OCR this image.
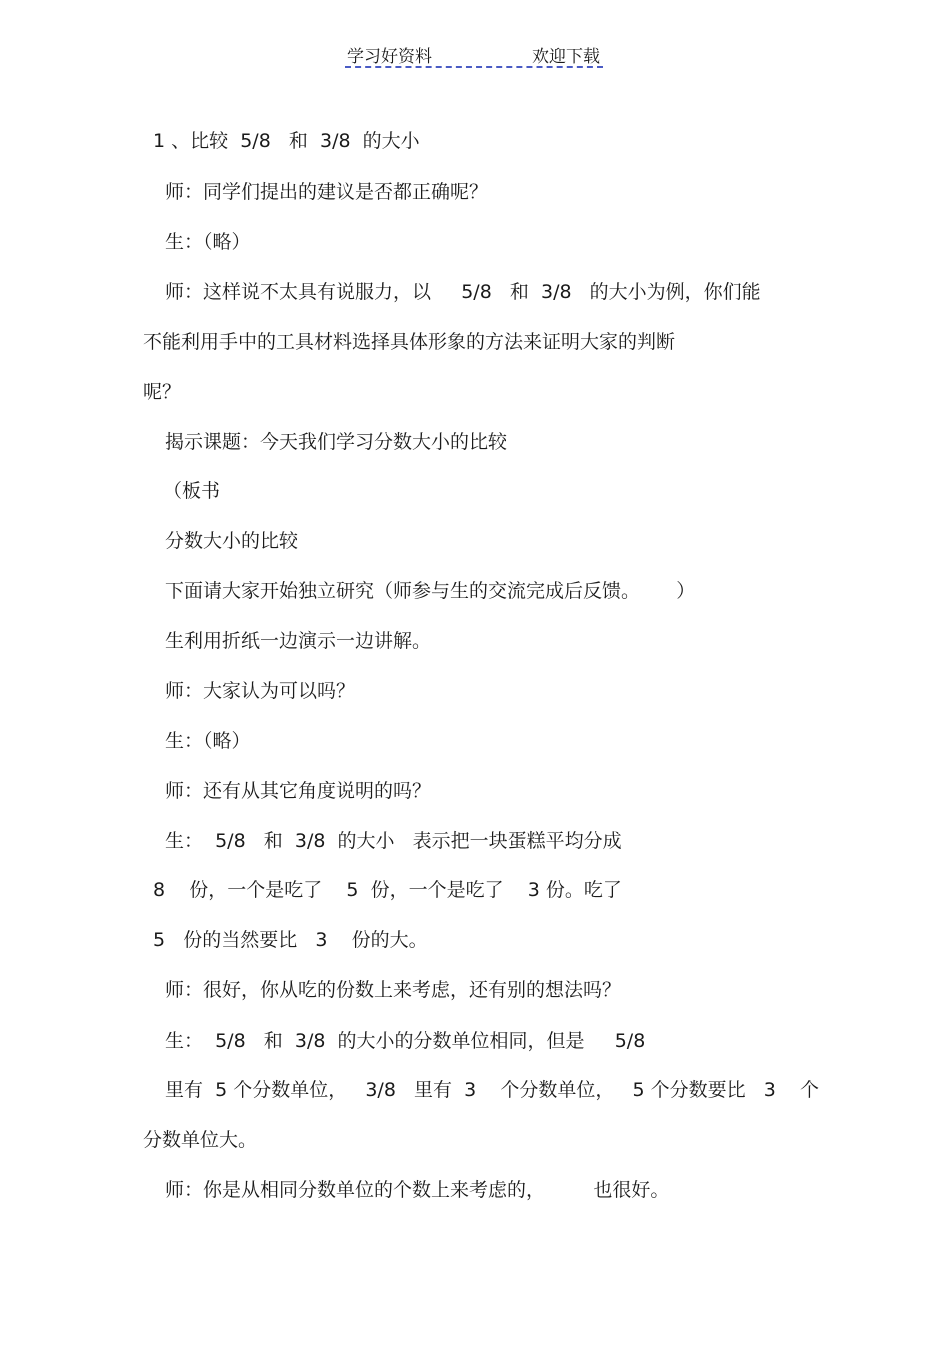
学习好资料	欢迎下载
1 、比较  5/8   和  3/8  的大小
师：同学们提出的建议是否都正确呢？
生：（略）
师：这样说不太具有说服力，以     5/8   和  3/8   的大小为例，你们能
不能利用手中的工具材料选择具体形象的方法来证明大家的判断
呢？
揭示课题：今天我们学习分数大小的比较
（板书
分数大小的比较
下面请大家开始独立研究（师参与生的交流完成后反馈。      ）
生利用折纸一边演示一边讲解。
师：大家认为可以吗？
生：（略）
师：还有从其它角度说明的吗？
生：  5/8   和  3/8  的大小   表示把一块蛋糕平均分成
8    份，一个是吃了    5  份，一个是吃了    3 份。吃了
5   份的当然要比   3    份的大。
师：很好，你从吃的份数上来考虑，还有别的想法吗？
生：  5/8   和  3/8  的大小的分数单位相同，但是     5/8
里有  5 个分数单位，   3/8   里有  3    个分数单位，   5 个分数要比   3    个
分数单位大。
师：你是从相同分数单位的个数上来考虑的，        也很好。
